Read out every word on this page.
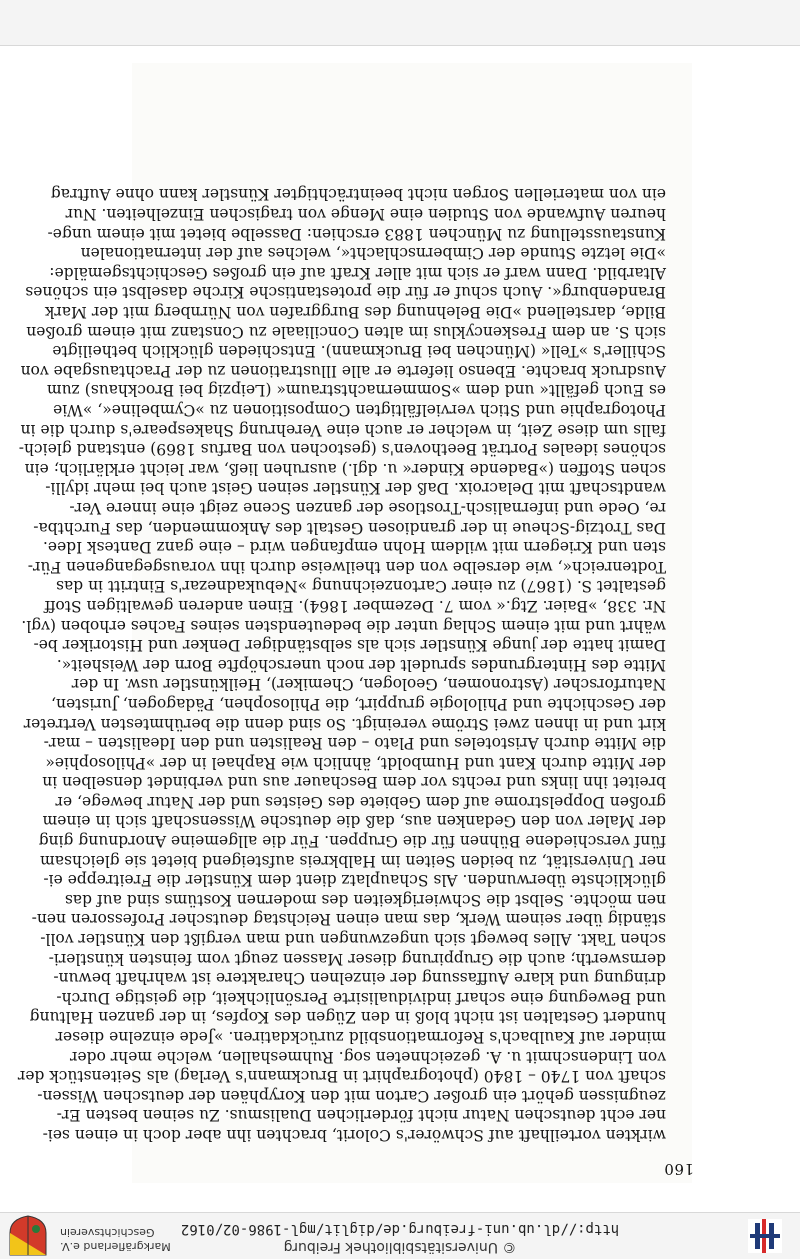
© Universitätsbibliothek Freiburg
http://dl.ub.uni-freiburg.de/diglit/mgl-1986-02/0162
Markgräflerland e.V.
Geschichtsverein
160
wirkten vorteilhaft auf Schwörer's Colorit, brachten ihn aber doch in einen sei-
ner echt deutschen Natur nicht förderlichen Dualismus. Zu seinen besten Er-
zeugnissen gehört ein großer Carton mit den Koryphäen der deutschen Wissen-
schaft von 1740 – 1840 (photographirt in Bruckmann's Verlag) als Seitenstück der
von Lindenschmit u. A. gezeichneten sog. Ruhmeshallen, welche mehr oder
minder auf Kaulbach's Reformationsbild zurückdatiren. »Jede einzelne dieser
hundert Gestalten ist nicht bloß in den Zügen des Kopfes, in der ganzen Haltung
und Bewegung eine scharf individualisirte Persönlichkeit, die geistige Durch-
dringung und klare Auffassung der einzelnen Charaktere ist wahrhaft bewun-
dernswerth; auch die Gruppirung dieser Massen zeugt vom feinsten künstleri-
schen Takt. Alles bewegt sich ungezwungen und man vergißt den Künstler voll-
ständig über seinem Werk, das man einen Reichstag deutscher Professoren nen-
nen möchte. Selbst die Schwierigkeiten des modernen Kostüms sind auf das
glücklichste überwunden. Als Schauplatz dient dem Künstler die Freitreppe ei-
ner Universität, zu beiden Seiten im Halbkreis aufsteigend bietet sie gleichsam
fünf verschiedene Bühnen für die Gruppen. Für die allgemeine Anordnung ging
der Maler von den Gedanken aus, daß die deutsche Wissenschaft sich in einem
großen Doppelstrome auf dem Gebiete des Geistes und der Natur bewege, er
breitet ihn links und rechts vor dem Beschauer aus und verbindet denselben in
der Mitte durch Kant und Humboldt, ähnlich wie Raphael in der »Philosophie«
die Mitte durch Aristoteles und Plato – den Realisten und den Idealisten – mar-
kirt und in ihnen zwei Ströme vereinigt. So sind denn die berühmtesten Vertreter
der Geschichte und Philologie gruppirt, die Philosophen, Pädagogen, Juristen,
Naturforscher (Astronomen, Geologen, Chemiker), Heilkünstler usw. In der
Mitte des Hintergrundes sprudelt der noch unerschöpfte Born der Weisheit«.
Damit hatte der junge Künstler sich als selbständiger Denker und Historiker be-
währt und mit einem Schlag unter die bedeutendsten seines Faches erhoben (vgl.
Nr. 338, »Baier. Ztg.« vom 7. Dezember 1864). Einen anderen gewaltigen Stoff
gestaltet S. (1867) zu einer Cartonzeichnung »Nebukadnezar's Eintritt in das
Todtenreich«, wie derselbe von den theilweise durch ihn vorausgegangenen Für-
sten und Kriegern mit wildem Hohn empfangen wird – eine ganz Dantesk Idee.
Das Trotzig-Scheue in der grandiosen Gestalt des Ankommenden, das Furchtba-
re, Oede und infernalisch-Trostlose der ganzen Scene zeigt eine innere Ver-
wandtschaft mit Delacroix. Daß der Künstler seinen Geist auch bei mehr idylli-
schen Stoffen (»Badende Kinder« u. dgl.) ausruhen ließ, war leicht erklärlich; ein
schönes ideales Porträt Beethoven's (gestochen von Barfus 1869) entstand gleich-
falls um diese Zeit, in welcher er auch eine Verehrung Shakespeare's durch die in
Photographie und Stich vervielfältigten Compositionen zu »Cymbeline«, »Wie
es Euch gefällt« und dem »Sommernachtstraum« (Leipzig bei Brockhaus) zum
Ausdruck brachte. Ebenso lieferte er alle Illustrationen zu der Prachtausgabe von
Schiller's »Tell« (München bei Bruckmann). Entschieden glücklich betheiligte
sich S. an dem Freskencyklus im alten Conciliaale zu Constanz mit einem großen
Bilde, darstellend »Die Belehnung des Burggrafen von Nürnberg mit der Mark
Brandenburg«. Auch schuf er für die protestantische Kirche daselbst ein schönes
Altarbild. Dann warf er sich mit aller Kraft auf ein großes Geschichtsgemälde:
»Die letzte Stunde der Cimbernschlacht«, welches auf der internationalen
Kunstausstellung zu München 1883 erschien: Dasselbe bietet mit einem unge-
heuren Aufwande von Studien eine Menge von tragischen Einzelheiten. Nur
ein von materiellen Sorgen nicht beeinträchtigter Künstler kann ohne Auftrag
